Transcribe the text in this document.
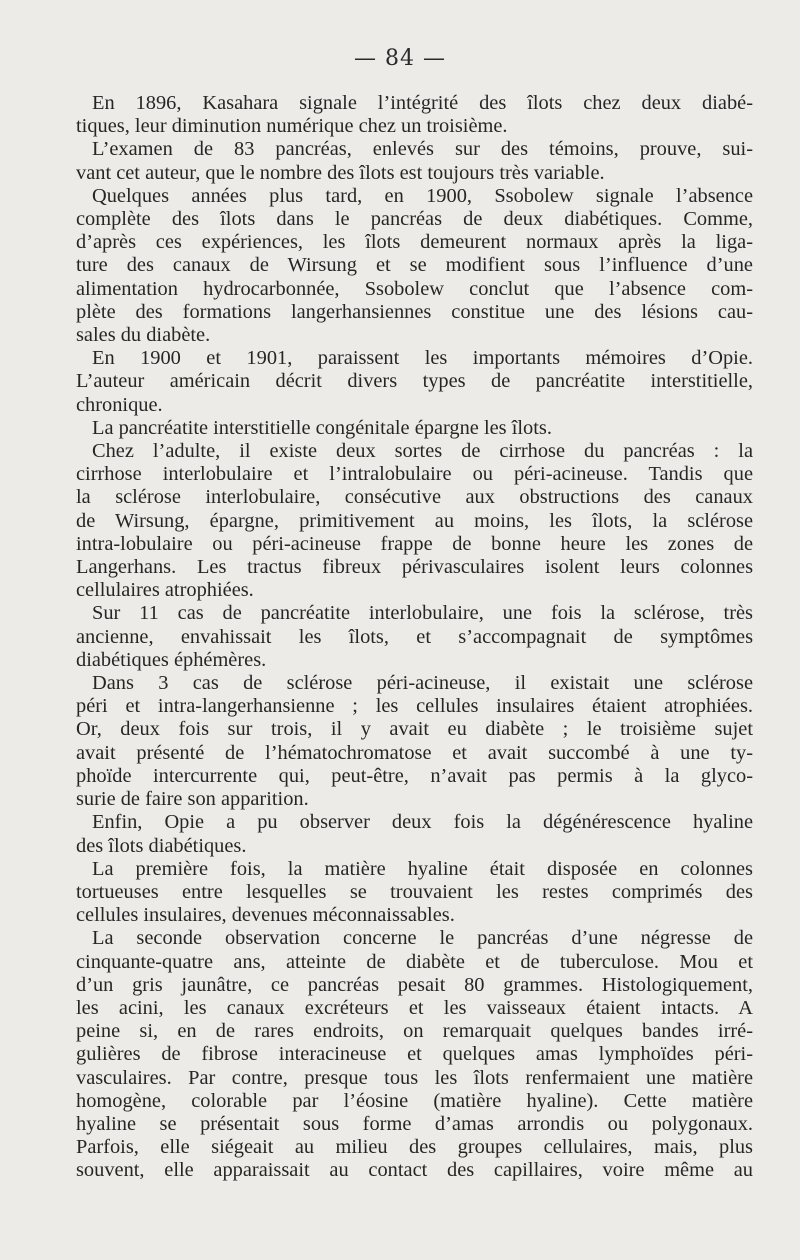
— 84 —
En 1896, Kasahara signale l’intégrité des îlots chez deux diabé-
tiques, leur diminution numérique chez un troisième.
L’examen de 83 pancréas, enlevés sur des témoins, prouve, sui-
vant cet auteur, que le nombre des îlots est toujours très variable.
Quelques années plus tard, en 1900, Ssobolew signale l’absence
complète des îlots dans le pancréas de deux diabétiques. Comme,
d’après ces expériences, les îlots demeurent normaux après la liga-
ture des canaux de Wirsung et se modifient sous l’influence d’une
alimentation hydrocarbonnée, Ssobolew conclut que l’absence com-
plète des formations langerhansiennes constitue une des lésions cau-
sales du diabète.
En 1900 et 1901, paraissent les importants mémoires d’Opie.
L’auteur américain décrit divers types de pancréatite interstitielle,
chronique.
La pancréatite interstitielle congénitale épargne les îlots.
Chez l’adulte, il existe deux sortes de cirrhose du pancréas : la
cirrhose interlobulaire et l’intralobulaire ou péri-acineuse. Tandis que
la sclérose interlobulaire, consécutive aux obstructions des canaux
de Wirsung, épargne, primitivement au moins, les îlots, la sclérose
intra-lobulaire ou péri-acineuse frappe de bonne heure les zones de
Langerhans. Les tractus fibreux périvasculaires isolent leurs colonnes
cellulaires atrophiées.
Sur 11 cas de pancréatite interlobulaire, une fois la sclérose, très
ancienne, envahissait les îlots, et s’accompagnait de symptômes
diabétiques éphémères.
Dans 3 cas de sclérose péri-acineuse, il existait une sclérose
péri et intra-langerhansienne ; les cellules insulaires étaient atrophiées.
Or, deux fois sur trois, il y avait eu diabète ; le troisième sujet
avait présenté de l’hématochromatose et avait succombé à une ty-
phoïde intercurrente qui, peut-être, n’avait pas permis à la glyco-
surie de faire son apparition.
Enfin, Opie a pu observer deux fois la dégénérescence hyaline
des îlots diabétiques.
La première fois, la matière hyaline était disposée en colonnes
tortueuses entre lesquelles se trouvaient les restes comprimés des
cellules insulaires, devenues méconnaissables.
La seconde observation concerne le pancréas d’une négresse de
cinquante-quatre ans, atteinte de diabète et de tuberculose. Mou et
d’un gris jaunâtre, ce pancréas pesait 80 grammes. Histologiquement,
les acini, les canaux excréteurs et les vaisseaux étaient intacts. A
peine si, en de rares endroits, on remarquait quelques bandes irré-
gulières de fibrose interacineuse et quelques amas lymphoïdes péri-
vasculaires. Par contre, presque tous les îlots renfermaient une matière
homogène, colorable par l’éosine (matière hyaline). Cette matière
hyaline se présentait sous forme d’amas arrondis ou polygonaux.
Parfois, elle siégeait au milieu des groupes cellulaires, mais, plus
souvent, elle apparaissait au contact des capillaires, voire même au
